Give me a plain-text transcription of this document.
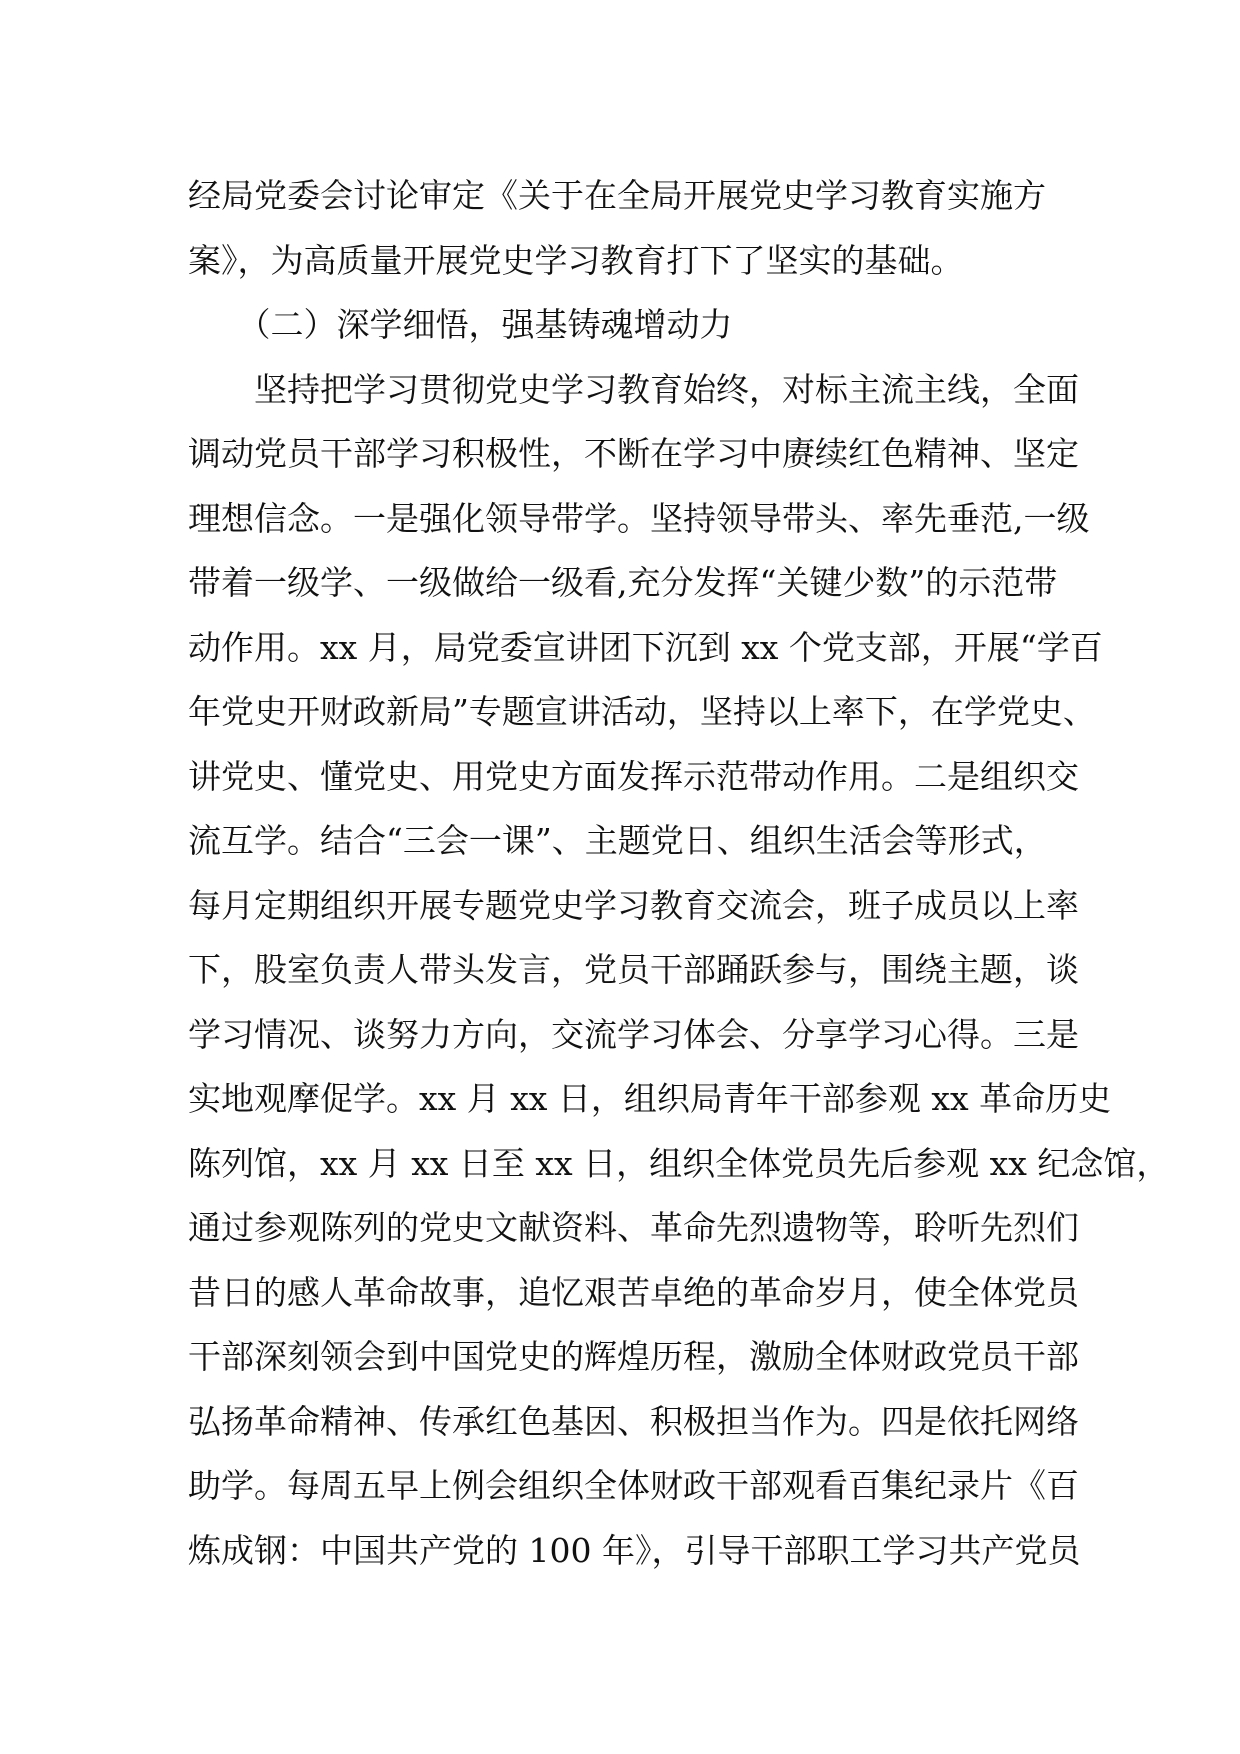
经局党委会讨论审定《关于在全局开展党史学习教育实施方
案》，为高质量开展党史学习教育打下了坚实的基础。
　　（二）深学细悟，强基铸魂增动力
　　坚持把学习贯彻党史学习教育始终，对标主流主线，全面
调动党员干部学习积极性，不断在学习中赓续红色精神、坚定
理想信念。一是强化领导带学。坚持领导带头、率先垂范,一级
带着一级学、一级做给一级看,充分发挥“关键少数”的示范带
动作用。xx 月，局党委宣讲团下沉到 xx 个党支部，开展“学百
年党史开财政新局”专题宣讲活动，坚持以上率下，在学党史、
讲党史、懂党史、用党史方面发挥示范带动作用。二是组织交
流互学。结合“三会一课”、主题党日、组织生活会等形式，
每月定期组织开展专题党史学习教育交流会，班子成员以上率
下，股室负责人带头发言，党员干部踊跃参与，围绕主题，谈
学习情况、谈努力方向，交流学习体会、分享学习心得。三是
实地观摩促学。xx 月 xx 日，组织局青年干部参观 xx 革命历史
陈列馆，xx 月 xx 日至 xx 日，组织全体党员先后参观 xx 纪念馆，
通过参观陈列的党史文献资料、革命先烈遗物等，聆听先烈们
昔日的感人革命故事，追忆艰苦卓绝的革命岁月，使全体党员
干部深刻领会到中国党史的辉煌历程，激励全体财政党员干部
弘扬革命精神、传承红色基因、积极担当作为。四是依托网络
助学。每周五早上例会组织全体财政干部观看百集纪录片《百
炼成钢：中国共产党的 100 年》，引导干部职工学习共产党员
